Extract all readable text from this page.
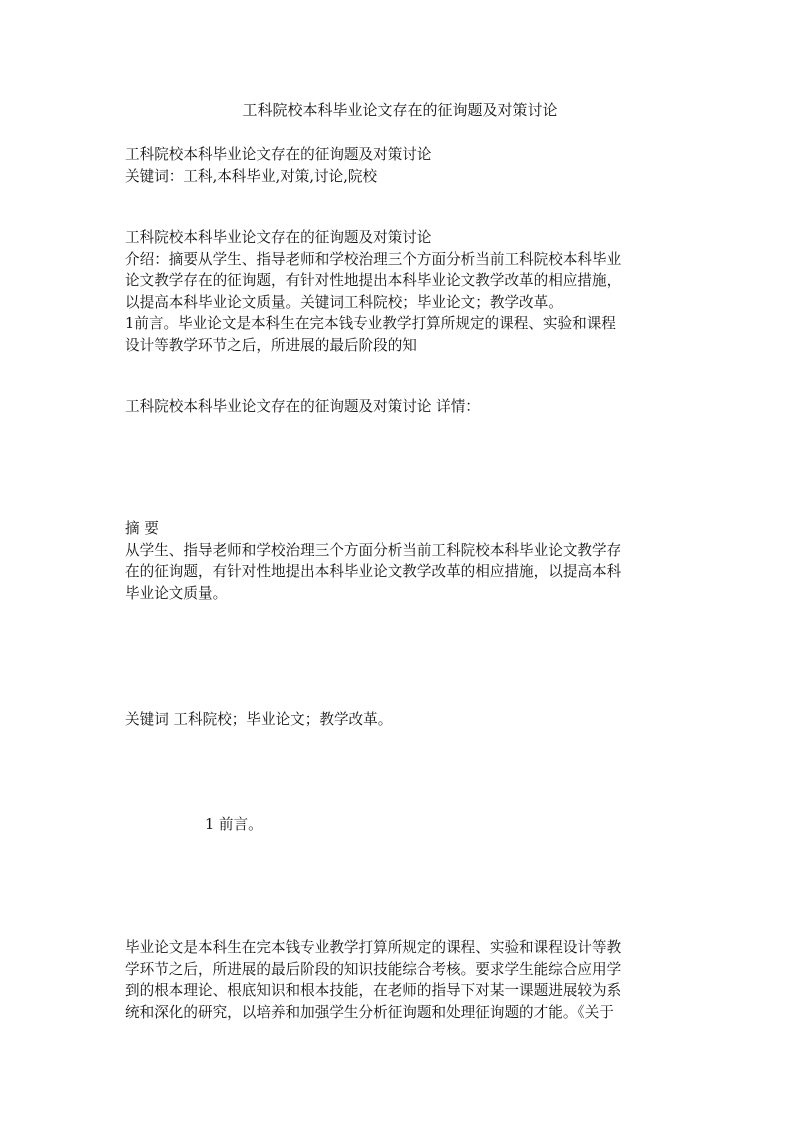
工科院校本科毕业论文存在的征询题及对策讨论

工科院校本科毕业论文存在的征询题及对策讨论

关键词：工科,本科毕业,对策,讨论,院校

工科院校本科毕业论文存在的征询题及对策讨论

介绍：摘要从学生、指导老师和学校治理三个方面分析当前工科院校本科毕业

论文教学存在的征询题，有针对性地提出本科毕业论文教学改革的相应措施，

以提高本科毕业论文质量。关键词工科院校；毕业论文；教学改革。

1前言。毕业论文是本科生在完本钱专业教学打算所规定的课程、实验和课程

设计等教学环节之后，所进展的最后阶段的知

工科院校本科毕业论文存在的征询题及对策讨论 详情：

摘 要

从学生、指导老师和学校治理三个方面分析当前工科院校本科毕业论文教学存

在的征询题，有针对性地提出本科毕业论文教学改革的相应措施，以提高本科

毕业论文质量。

关键词 工科院校；毕业论文；教学改革。

1 前言。

毕业论文是本科生在完本钱专业教学打算所规定的课程、实验和课程设计等教

学环节之后，所进展的最后阶段的知识技能综合考核。要求学生能综合应用学

到的根本理论、根底知识和根本技能，在老师的指导下对某一课题进展较为系

统和深化的研究，以培养和加强学生分析征询题和处理征询题的才能。《关于
